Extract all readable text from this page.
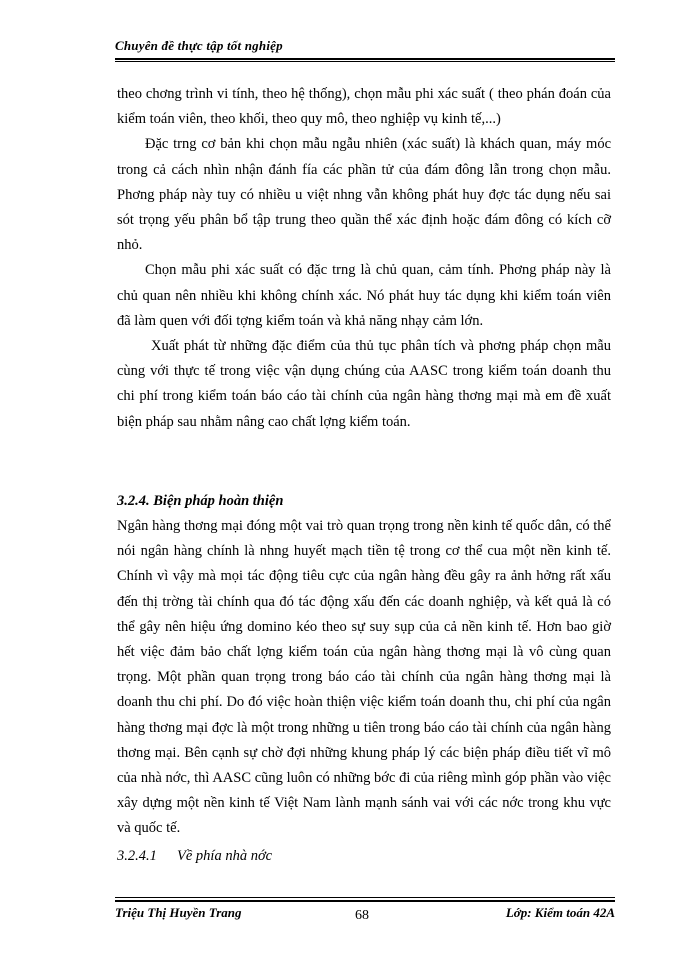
Chuyên đề thực tập tốt nghiệp

theo chơng trình vi tính, theo hệ thống), chọn mẫu phi xác suất ( theo phán đoán của kiểm toán viên, theo khối, theo quy mô, theo nghiệp vụ kinh tế,...)

Đặc trng cơ bản khi chọn mẫu ngẫu nhiên (xác suất) là khách quan, máy móc trong cả cách nhìn nhận đánh fía các phần tử của đám đông lẫn trong chọn mẫu. Phơng pháp này tuy có nhiều u việt nhng vẫn không phát huy đợc tác dụng nếu sai sót trọng yếu phân bổ tập trung theo quần thể xác định hoặc đám đông có kích cỡ nhỏ.

Chọn mẫu phi xác suất có đặc trng là chủ quan, cảm tính. Phơng pháp này là chủ quan nên nhiều khi không chính xác. Nó phát huy tác dụng khi kiểm toán viên đã làm quen với đối tợng kiểm toán và khả năng nhạy cảm lớn.

Xuất phát từ những đặc điểm của thủ tục phân tích và phơng pháp chọn mẫu cùng với thực tế trong việc vận dụng chúng của AASC trong kiểm toán doanh thu chi phí trong kiểm toán báo cáo tài chính của ngân hàng thơng mại mà em đề xuất biện pháp sau nhằm nâng cao chất lợng kiểm toán.

3.2.4. Biện pháp hoàn thiện

Ngân hàng thơng mại đóng một vai trò quan trọng trong nền kinh tế quốc dân, có thể nói ngân hàng chính là nhng huyết mạch tiền tệ trong cơ thể cua một nền kinh tế. Chính vì vậy mà mọi tác động tiêu cực của ngân hàng đều gây ra ảnh hởng rất xấu đến thị trờng tài chính qua đó tác động xấu đến các doanh nghiệp, và kết quả là có thể gây nên hiệu ứng domino kéo theo sự suy sụp của cả nền kinh tế. Hơn bao giờ hết việc đảm bảo chất lợng kiểm toán của ngân hàng thơng mại là vô cùng quan trọng. Một phần quan trọng trong báo cáo tài chính của ngân hàng thơng mại là doanh thu chi phí. Do đó việc hoàn thiện việc kiểm toán doanh thu, chi phí của ngân hàng thơng mại đợc là một trong những u tiên trong báo cáo tài chính của ngân hàng thơng mại. Bên cạnh sự chờ đợi những khung pháp lý các biện pháp điều tiết vĩ mô của nhà nớc, thì AASC cũng luôn có những bớc đi của riêng mình góp phần vào việc xây dựng một nền kinh tế Việt Nam lành mạnh sánh vai với các nớc trong khu vực và quốc tế.

3.2.4.1 Về phía nhà nớc

Triệu Thị Huyền Trang	68	Lớp: Kiểm toán 42A
